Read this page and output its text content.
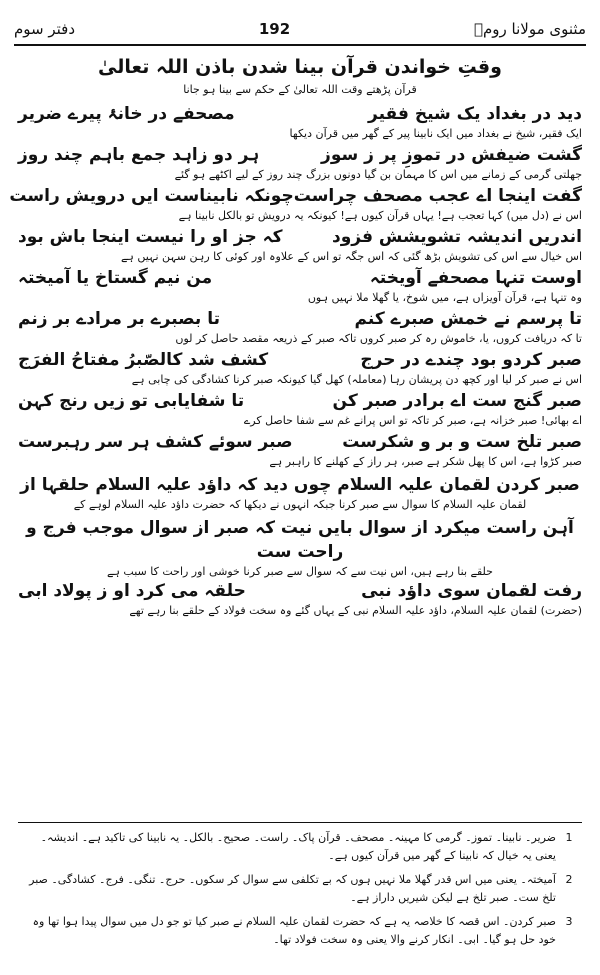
دفتر سوم	192	مثنوی مولانا رومؒ
وقتِ خواندن قرآن بینا شدن باذن اللہ تعالیٰ
قرآن پڑھتے وقت اللہ تعالیٰ کے حکم سے بینا ہو جانا
دید در بغداد یک شیخ فقیر
مصحفے در خانۂ پیرے ضریر
ایک فقیر، شیخ نے بغداد میں ایک نابینا پیر کے گھر میں قرآن دیکھا
گشت ضیفش در تموزِ پر ز سوز
ہر دو زاہد جمع باہم چند روز
جھلتی گرمی کے زمانے میں اس کا مہمان بن گیا دونوں بزرگ چند روز کے لیے اکٹھے ہو گئے
گفت اینجا اے عجب مصحف چراست
چونکہ نابیناست ایں درویش راست
اس نے (دل میں) کہا تعجب ہے! یہاں قرآن کیوں ہے! کیونکہ یہ درویش تو بالکل نابینا ہے
اندریں اندیشہ تشویشش فزود
کہ جز او را نیست اینجا باش بود
اس خیال سے اس کی تشویش بڑھ گئی کہ اس جگہ تو اس کے علاوہ اور کوئی کا رہن سہن نہیں ہے
اوست تنہا مصحفے آویختہ
من نیم گستاخ یا آمیختہ
وہ تنہا ہے، قرآن آویزاں ہے، میں شوخ، یا گھلا ملا نہیں ہوں
تا پرسم نے خمش صبرے کنم
تا بصبرے بر مرادے بر زنم
تا کہ دریافت کروں، یا، خاموش رہ کر صبر کروں تاکہ صبر کے ذریعہ مقصد حاصل کر لوں
صبر کردو بود چندے در حرج
کشف شد کالصّبرُ مفتاحُ الفرَج
اس نے صبر کر لیا اور کچھ دن پریشان رہا (معاملہ) کھل گیا کیونکہ صبر کرنا کشادگی کی چابی ہے
صبر گنج ست اے برادر صبر کن
تا شفایابی تو زیں رنج کہن
اے بھائی! صبر خزانہ ہے، صبر کر تاکہ تو اس پرانے غم سے شفا حاصل کرے
صبر تلخ ست و بر و شکرست
صبر سوئے کشف ہر سر رہبرست
صبر کڑوا ہے، اس کا پھل شکر ہے صبر، ہر راز کے کھلنے کا راہبر ہے
صبر کردن لقمان علیہ السلام چوں دید کہ داؤد علیہ السلام حلقہا از
لقمان علیہ السلام کا سوال سے صبر کرنا جبکہ انہوں نے دیکھا کہ حضرت داؤد علیہ السلام لوہے کے
آہن راست میکرد از سوال بایں نیت کہ صبر از سوال موجب فرج و راحت ست
حلقے بنا رہے ہیں، اس نیت سے کہ سوال سے صبر کرنا خوشی اور راحت کا سبب ہے
رفت لقمان سوی داؤد نبی
حلقہ می کرد او ز پولاد ابی
(حضرت) لقمان علیہ السلام، داؤد علیہ السلام نبی کے یہاں گئے وہ سخت فولاد کے حلقے بنا رہے تھے
1
ضریر۔ نابینا۔ تموز۔ گرمی کا مہینہ۔ مصحف۔ قرآن پاک۔ راست۔ صحیح۔ بالکل۔ یہ نابینا کی تاکید ہے۔ اندیشہ۔ یعنی یہ خیال کہ نابینا کے گھر میں قرآن کیوں ہے۔
2
آمیختہ۔ یعنی میں اس قدر گھلا ملا نہیں ہوں کہ بے تکلفی سے سوال کر سکوں۔ حرج۔ تنگی۔ فرج۔ کشادگی۔ صبر تلخ ست۔ صبر تلخ ہے لیکن شیریں داراز ہے۔
3
صبر کردن۔ اس قصہ کا خلاصہ یہ ہے کہ حضرت لقمان علیہ السلام نے صبر کیا تو جو دل میں سوال پیدا ہوا تھا وہ خود حل ہو گیا۔ ابی۔ انکار کرنے والا یعنی وہ سخت فولاد تھا۔
